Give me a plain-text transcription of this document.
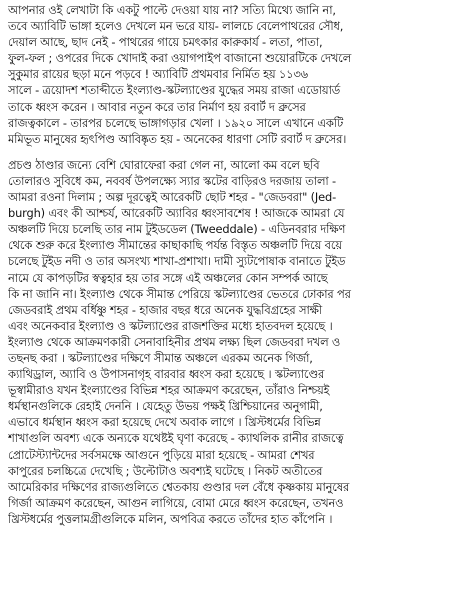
আপনার ওই লেখাটা কি একটু পাল্টে দেওয়া যায় না? সত্যি মিথ্যে জানি না,
তবে অ্যাবিটি ভাঙ্গা হলেও দেখলে মন ভরে যায়- লালচে বেলেপাথরের সৌধ,
দেয়াল আছে, ছাদ নেই - পাথরের গায়ে চমৎকার কারুকার্য - লতা, পাতা,
ফুল-ফল ; ওপরের দিকে খোদাই করা ওয়াগপাইপ বাজানো শুয়োরটিকে দেখলে
সুকুমার রায়ের ছড়া মনে পড়বে ! অ্যাবিটি প্রথমবার নির্মিত হয় ১১৩৬
সালে - ত্রয়োদশ শতাব্দীতে ইংল্যাণ্ড-স্কটল্যাণ্ডের যুদ্ধের সময় রাজা এডোয়ার্ড
তাকে ধ্বংস করেন । আবার নতুন করে তার নির্মাণ হয় রবার্ট দ ব্রুসের
রাজত্বকালে - তারপর চলেছে ভাঙ্গাগড়ার খেলা । ১৯২০ সালে এখানে একটি
মমিভূত মানুষের হৃৎপিণ্ড আবিষ্কৃত হয় - অনেকের ধারণা সেটি রবার্ট দ ব্রুসের।
প্রচণ্ড ঠাণ্ডার জন্যে বেশি ঘোরাফেরা করা গেল না, আলো কম বলে ছবি
তোলারও সুবিধে কম, নববর্ষ উপলক্ষ্যে স্যার স্কটের বাড়িরও দরজায় তালা -
আমরা রওনা দিলাম ; অল্প দূরত্বেই আরেকটি ছোট শহর - "জেডবরা" (Jed-
burgh) এবং কী আশ্চর্য, আরেকটি অ্যাবির ধ্বংসাবশেষ ! আজকে আমরা যে
অঞ্চলটি দিয়ে চলেছি তার নাম টুইডডেল (Tweeddale) - এডিনবরার দক্ষিণ
থেকে শুরু করে ইংল্যাণ্ড সীমান্তের কাছাকাছি পর্যন্ত বিস্তৃত অঞ্চলটি দিয়ে বয়ে
চলেছে টুইড নদী ও তার অসংখ্য শাখা-প্রশাখা। দামী স্যুটপোষাক বানাতে টুইড
নামে যে কাপড়টির স্বত্বহার হয় তার সঙ্গে এই অঞ্চলের কোন সম্পর্ক আছে
কি না জানি না। ইংল্যাণ্ড থেকে সীমান্ত পেরিয়ে স্কটল্যাণ্ডের ভেতরে ঢোকার পর
জেডবরাই প্রথম বর্ধিষ্ণু শহর - হাজার বছর ধরে অনেক যুদ্ধবিগ্রহের সাক্ষী
এবং অনেকবার ইংল্যাণ্ড ও স্কটল্যাণ্ডের রাজশক্তির মধ্যে হাতবদল হয়েছে ।
ইংল্যাণ্ড থেকে আক্রমণকারী সেনাবাহিনীর প্রথম লক্ষ্য ছিল জেডবরা দখল ও
তছনছ করা । স্কটল্যাণ্ডের দক্ষিণে সীমান্ত অঞ্চলে এরকম অনেক গির্জা,
ক্যাথিড্রাল, অ্যাবি ও উপাসনাগৃহ বারবার ধ্বংস করা হয়েছে । স্কটল্যাণ্ডের
ভূস্বামীরাও যখন ইংল্যাণ্ডের বিভিন্ন শহর আক্রমণ করেছেন, তাঁরাও নিশ্চয়ই
ধর্মস্থানগুলিকে রেহাই দেননি । যেহেতু উভয় পক্ষই খ্রিশ্চিয়ানের অনুগামী,
এভাবে ধর্মস্থান ধ্বংস করা হয়েছে দেখে অবাক লাগে । খ্রিস্টধর্মের বিভিন্ন
শাখাগুলি অবশ্য একে অন্যকে যথেষ্টই ঘৃণা করেছে - ক্যাথলিক রানীর রাজত্বে
প্রোটেস্ট্যান্টদের সর্বসমক্ষে আগুনে পুড়িয়ে মারা হয়েছে - আমরা শেখর
কাপুরের চলচ্চিত্রে দেখেছি ; উল্টোটাও অবশ্যই ঘটেছে । নিকট অতীতের
আমেরিকার দক্ষিণের রাজ্যগুলিতে শ্বেতকায় গুণ্ডার দল বেঁধে কৃষ্ণকায় মানুষের
গির্জা আক্রমণ করেছেন, আগুন লাগিয়ে, বোমা মেরে ধ্বংস করেছেন, তখনও
খ্রিস্টধর্মের পুত্তলামগ্রীগুলিকে মলিন, অপবিত্র করতে তাঁদের হাত কাঁপেনি ।
